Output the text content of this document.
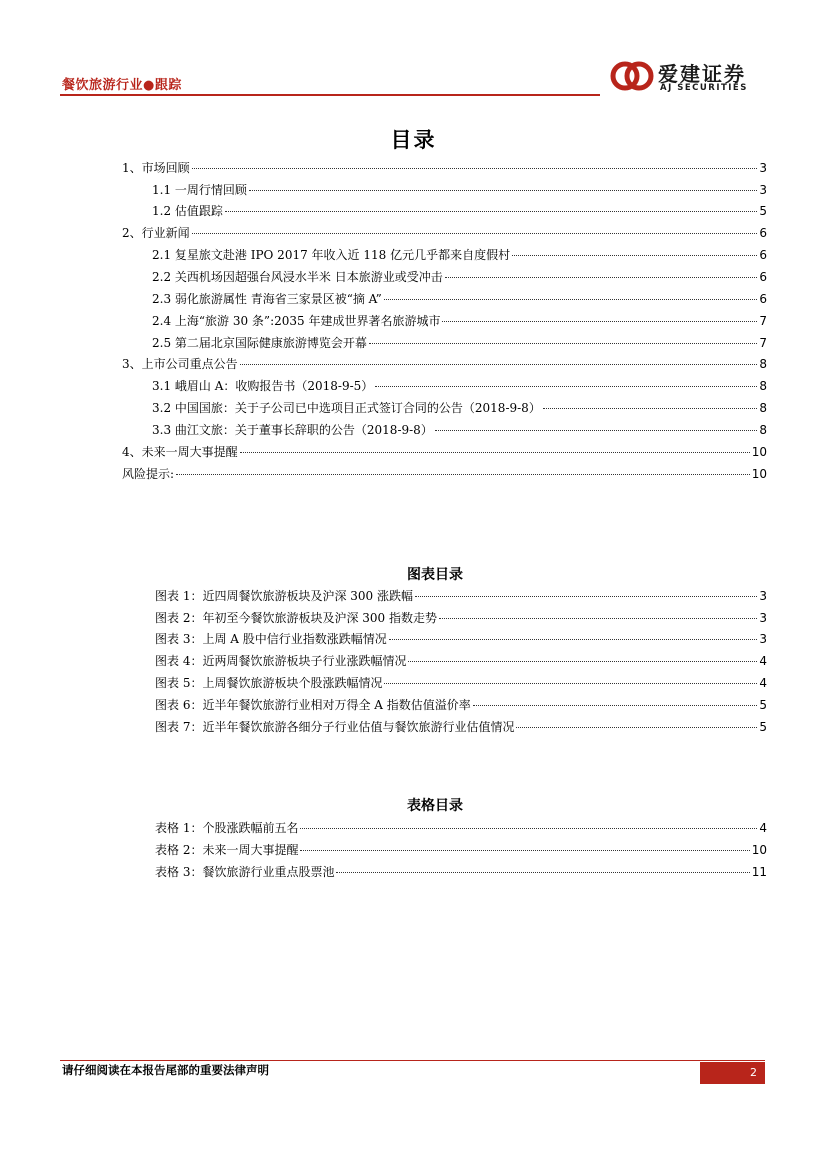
餐饮旅游行业●跟踪	爱建证券
AJ SECURITIES
目录
1、市场回顾	3
1.1 一周行情回顾	3
1.2 估值跟踪	5
2、行业新闻	6
2.1 复星旅文赴港 IPO 2017 年收入近 118 亿元几乎都来自度假村	6
2.2 关西机场因超强台风浸水半米 日本旅游业或受冲击	6
2.3 弱化旅游属性 青海省三家景区被“摘 A”	6
2.4 上海“旅游 30 条”:2035 年建成世界著名旅游城市	7
2.5 第二届北京国际健康旅游博览会开幕	7
3、上市公司重点公告	8
3.1 峨眉山 A：收购报告书（2018-9-5）	8
3.2 中国国旅：关于子公司已中选项目正式签订合同的公告（2018-9-8）	8
3.3 曲江文旅：关于董事长辞职的公告（2018-9-8）	8
4、未来一周大事提醒	10
风险提示:	10
图表目录
图表 1：近四周餐饮旅游板块及沪深 300 涨跌幅	3
图表 2：年初至今餐饮旅游板块及沪深 300 指数走势	3
图表 3：上周 A 股中信行业指数涨跌幅情况	3
图表 4：近两周餐饮旅游板块子行业涨跌幅情况	4
图表 5：上周餐饮旅游板块个股涨跌幅情况	4
图表 6：近半年餐饮旅游行业相对万得全 A 指数估值溢价率	5
图表 7：近半年餐饮旅游各细分子行业估值与餐饮旅游行业估值情况	5
表格目录
表格 1：个股涨跌幅前五名	4
表格 2：未来一周大事提醒	10
表格 3：餐饮旅游行业重点股票池	11
请仔细阅读在本报告尾部的重要法律声明	2
